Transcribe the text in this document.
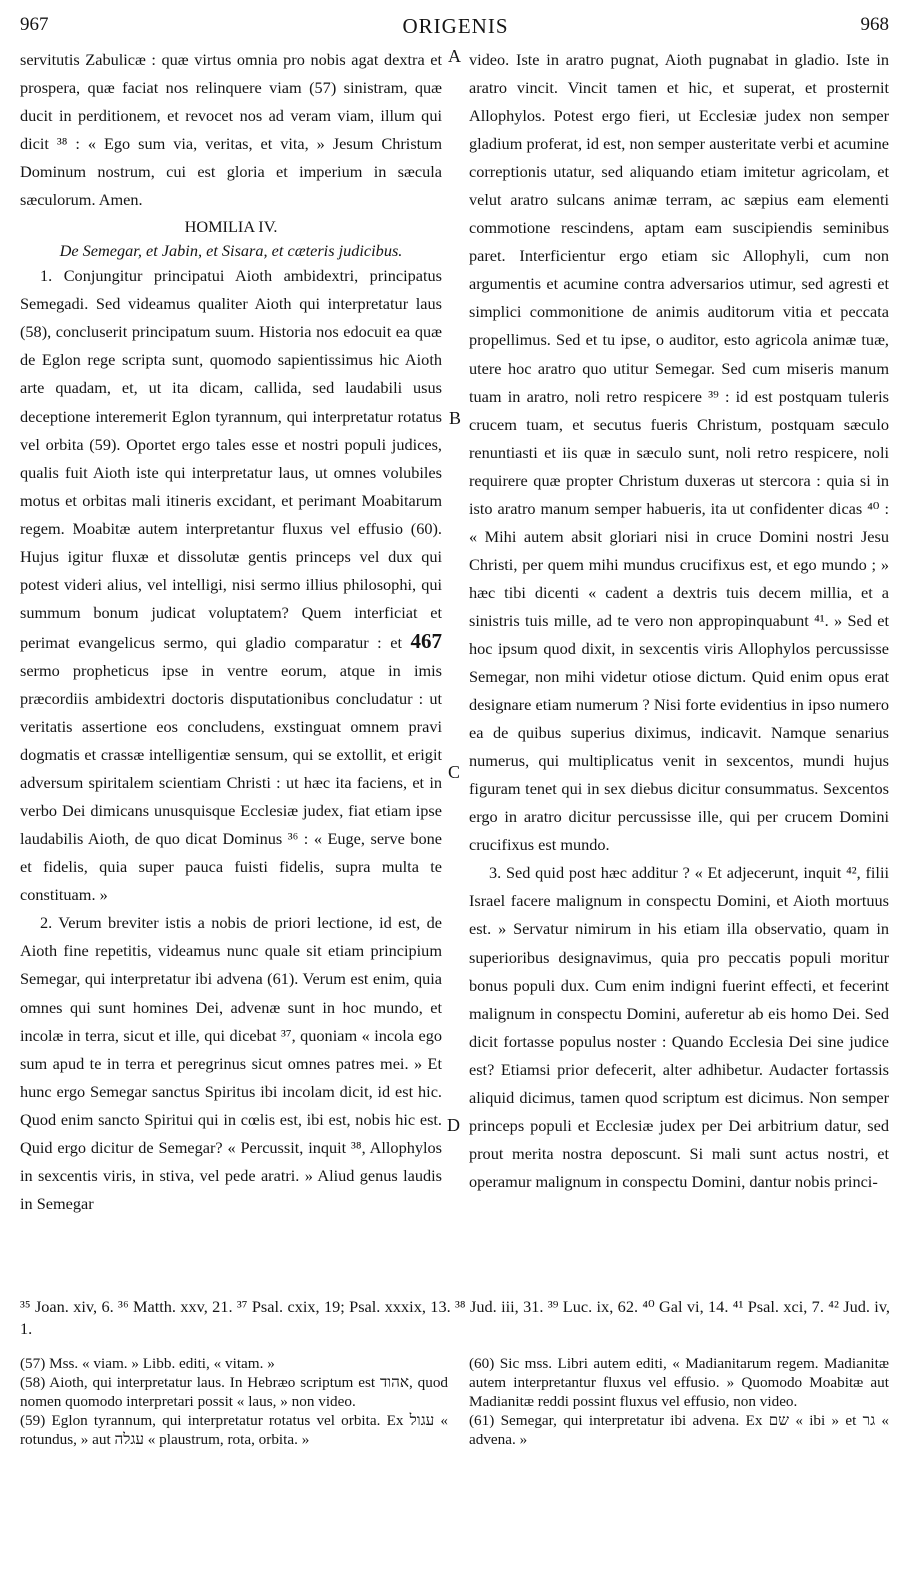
967	ORIGENIS	968
A
B
C
D

servitutis Zabulicæ : quæ virtus omnia pro nobis agat dextra et prospera, quæ faciat nos relinquere viam (57) sinistram, quæ ducit in perditionem, et revocet nos ad veram viam, illum qui dicit ³⁸ : « Ego sum via, veritas, et vita, » Jesum Christum Dominum nostrum, cui est gloria et imperium in sæcula sæculorum. Amen.

HOMILIA IV.

De Semegar, et Jabin, et Sisara, et cæteris judicibus.

1. Conjungitur principatui Aioth ambidextri, principatus Semegadi. Sed videamus qualiter Aioth qui interpretatur laus (58), concluserit principatum suum. Historia nos edocuit ea quæ de Eglon rege scripta sunt, quomodo sapientissimus hic Aioth arte quadam, et, ut ita dicam, callida, sed laudabili usus deceptione interemerit Eglon tyrannum, qui interpretatur rotatus vel orbita (59). Oportet ergo tales esse et nostri populi judices, qualis fuit Aioth iste qui interpretatur laus, ut omnes volubiles motus et orbitas mali itineris excidant, et perimant Moabitarum regem. Moabitæ autem interpretantur fluxus vel effusio (60). Hujus igitur fluxæ et dissolutæ gentis princeps vel dux qui potest videri alius, vel intelligi, nisi sermo illius philosophi, qui summum bonum judicat voluptatem? Quem interficiat et perimat evangelicus sermo, qui gladio comparatur : et 467 sermo propheticus ipse in ventre eorum, atque in imis præcordiis ambidextri doctoris disputationibus concludatur : ut veritatis assertione eos concludens, exstinguat omnem pravi dogmatis et crassæ intelligentiæ sensum, qui se extollit, et erigit adversum spiritalem scientiam Christi : ut hæc ita faciens, et in verbo Dei dimicans unusquisque Ecclesiæ judex, fiat etiam ipse laudabilis Aioth, de quo dicat Dominus ³⁶ : « Euge, serve bone et fidelis, quia super pauca fuisti fidelis, supra multa te constituam. »

2. Verum breviter istis a nobis de priori lectione, id est, de Aioth fine repetitis, videamus nunc quale sit etiam principium Semegar, qui interpretatur ibi advena (61). Verum est enim, quia omnes qui sunt homines Dei, advenæ sunt in hoc mundo, et incolæ in terra, sicut et ille, qui dicebat ³⁷, quoniam « incola ego sum apud te in terra et peregrinus sicut omnes patres mei. » Et hunc ergo Semegar sanctus Spiritus ibi incolam dicit, id est hic. Quod enim sancto Spiritui qui in cœlis est, ibi est, nobis hic est. Quid ergo dicitur de Semegar? « Percussit, inquit ³⁸, Allophylos in sexcentis viris, in stiva, vel pede aratri. » Aliud genus laudis in Semegar

video. Iste in aratro pugnat, Aioth pugnabat in gladio. Iste in aratro vincit. Vincit tamen et hic, et superat, et prosternit Allophylos. Potest ergo fieri, ut Ecclesiæ judex non semper gladium proferat, id est, non semper austeritate verbi et acumine correptionis utatur, sed aliquando etiam imitetur agricolam, et velut aratro sulcans animæ terram, ac sæpius eam elementi commotione rescindens, aptam eam suscipiendis seminibus paret. Interficientur ergo etiam sic Allophyli, cum non argumentis et acumine contra adversarios utimur, sed agresti et simplici commonitione de animis auditorum vitia et peccata propellimus. Sed et tu ipse, o auditor, esto agricola animæ tuæ, utere hoc aratro quo utitur Semegar. Sed cum miseris manum tuam in aratro, noli retro respicere ³⁹ : id est postquam tuleris crucem tuam, et secutus fueris Christum, postquam sæculo renuntiasti et iis quæ in sæculo sunt, noli retro respicere, noli requirere quæ propter Christum duxeras ut stercora : quia si in isto aratro manum semper habueris, ita ut confidenter dicas ⁴⁰ : « Mihi autem absit gloriari nisi in cruce Domini nostri Jesu Christi, per quem mihi mundus crucifixus est, et ego mundo ; » hæc tibi dicenti « cadent a dextris tuis decem millia, et a sinistris tuis mille, ad te vero non appropinquabunt ⁴¹. » Sed et hoc ipsum quod dixit, in sexcentis viris Allophylos percussisse Semegar, non mihi videtur otiose dictum. Quid enim opus erat designare etiam numerum ? Nisi forte evidentius in ipso numero ea de quibus superius diximus, indicavit. Namque senarius numerus, qui multiplicatus venit in sexcentos, mundi hujus figuram tenet qui in sex diebus dicitur consummatus. Sexcentos ergo in aratro dicitur percussisse ille, qui per crucem Domini crucifixus est mundo.

3. Sed quid post hæc additur ? « Et adjecerunt, inquit ⁴², filii Israel facere malignum in conspectu Domini, et Aioth mortuus est. » Servatur nimirum in his etiam illa observatio, quam in superioribus designavimus, quia pro peccatis populi moritur bonus populi dux. Cum enim indigni fuerint effecti, et fecerint malignum in conspectu Domini, auferetur ab eis homo Dei. Sed dicit fortasse populus noster : Quando Ecclesia Dei sine judice est? Etiamsi prior defecerit, alter adhibetur. Audacter fortassis aliquid dicimus, tamen quod scriptum est dicimus. Non semper princeps populi et Ecclesiæ judex per Dei arbitrium datur, sed prout merita nostra deposcunt. Si mali sunt actus nostri, et operamur malignum in conspectu Domini, dantur nobis princi-

³⁵ Joan. xiv, 6. ³⁶ Matth. xxv, 21. ³⁷ Psal. cxix, 19; Psal. xxxix, 13. ³⁸ Jud. iii, 31. ³⁹ Luc. ix, 62. ⁴⁰ Gal vi, 14. ⁴¹ Psal. xci, 7. ⁴² Jud. iv, 1.

(57) Mss. « viam. » Libb. editi, « vitam. »

(58) Aioth, qui interpretatur laus. In Hebræo scriptum est אהוד, quod nomen quomodo interpretari possit « laus, » non video.

(59) Eglon tyrannum, qui interpretatur rotatus vel orbita. Ex עגול « rotundus, » aut עגלה « plaustrum, rota, orbita. »

(60) Sic mss. Libri autem editi, « Madianitarum regem. Madianitæ autem interpretantur fluxus vel effusio. » Quomodo Moabitæ aut Madianitæ reddi possint fluxus vel effusio, non video.

(61) Semegar, qui interpretatur ibi advena. Ex שם « ibi » et גר « advena. »
